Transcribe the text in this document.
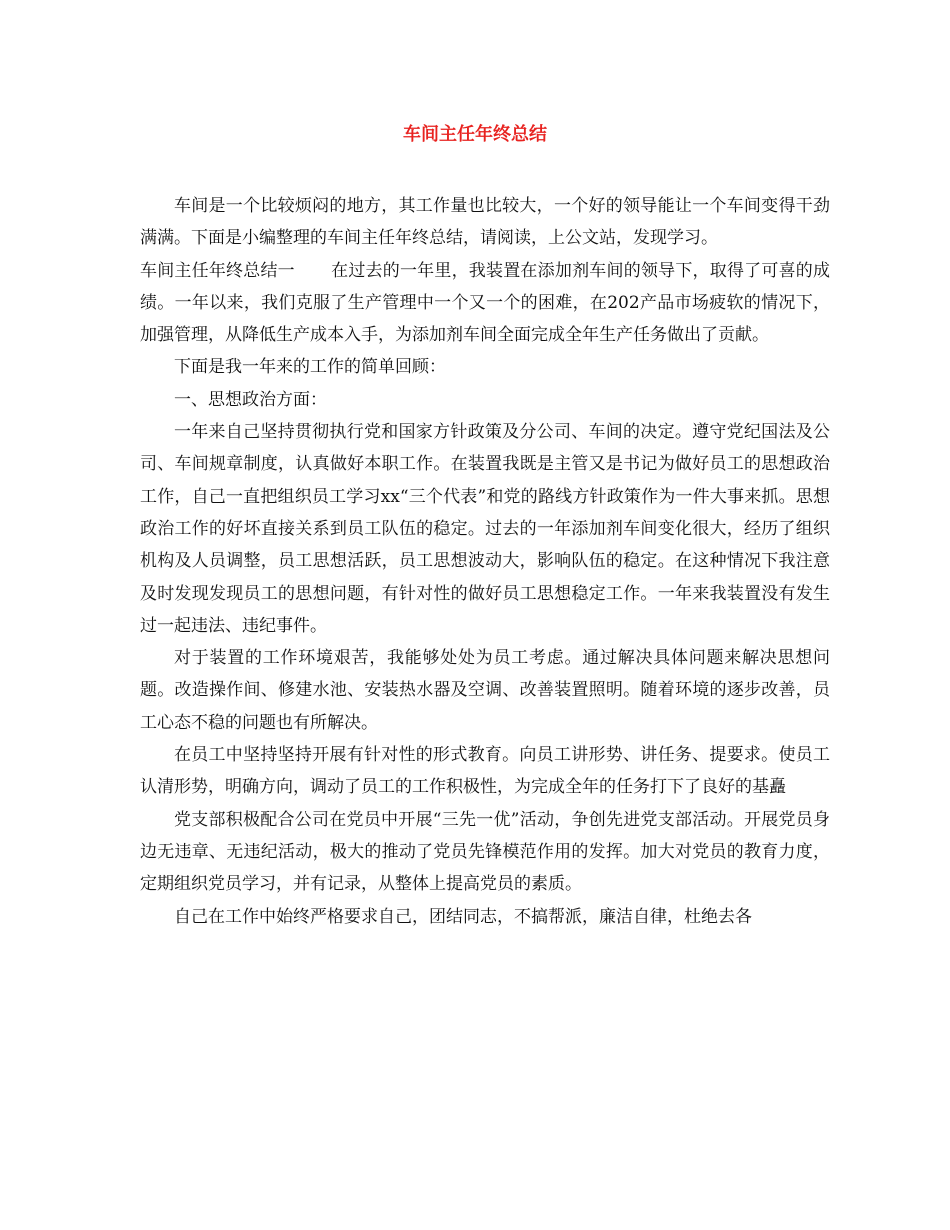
车间主任年终总结

车间是一个比较烦闷的地方，其工作量也比较大，一个好的领导能让一个车间变得干劲满满。下面是小编整理的车间主任年终总结，请阅读，上公文站，发现学习。

车间主任年终总结一 在过去的一年里，我装置在添加剂车间的领导下，取得了可喜的成绩。一年以来，我们克服了生产管理中一个又一个的困难，在202产品市场疲软的情况下，加强管理，从降低生产成本入手，为添加剂车间全面完成全年生产任务做出了贡献。

下面是我一年来的工作的简单回顾：

一、思想政治方面：

一年来自己坚持贯彻执行党和国家方针政策及分公司、车间的决定。遵守党纪国法及公司、车间规章制度，认真做好本职工作。在装置我既是主管又是书记为做好员工的思想政治工作，自己一直把组织员工学习xx“三个代表”和党的路线方针政策作为一件大事来抓。思想政治工作的好坏直接关系到员工队伍的稳定。过去的一年添加剂车间变化很大，经历了组织机构及人员调整，员工思想活跃，员工思想波动大，影响队伍的稳定。在这种情况下我注意及时发现发现员工的思想问题，有针对性的做好员工思想稳定工作。一年来我装置没有发生过一起违法、违纪事件。

对于装置的工作环境艰苦，我能够处处为员工考虑。通过解决具体问题来解决思想问题。改造操作间、修建水池、安装热水器及空调、改善装置照明。随着环境的逐步改善，员工心态不稳的问题也有所解决。

在员工中坚持坚持开展有针对性的形式教育。向员工讲形势、讲任务、提要求。使员工认清形势，明确方向，调动了员工的工作积极性，为完成全年的任务打下了良好的基矗

党支部积极配合公司在党员中开展“三先一优”活动，争创先进党支部活动。开展党员身边无违章、无违纪活动，极大的推动了党员先锋模范作用的发挥。加大对党员的教育力度，定期组织党员学习，并有记录，从整体上提高党员的素质。

自己在工作中始终严格要求自己，团结同志，不搞帮派，廉洁自律，杜绝去各
